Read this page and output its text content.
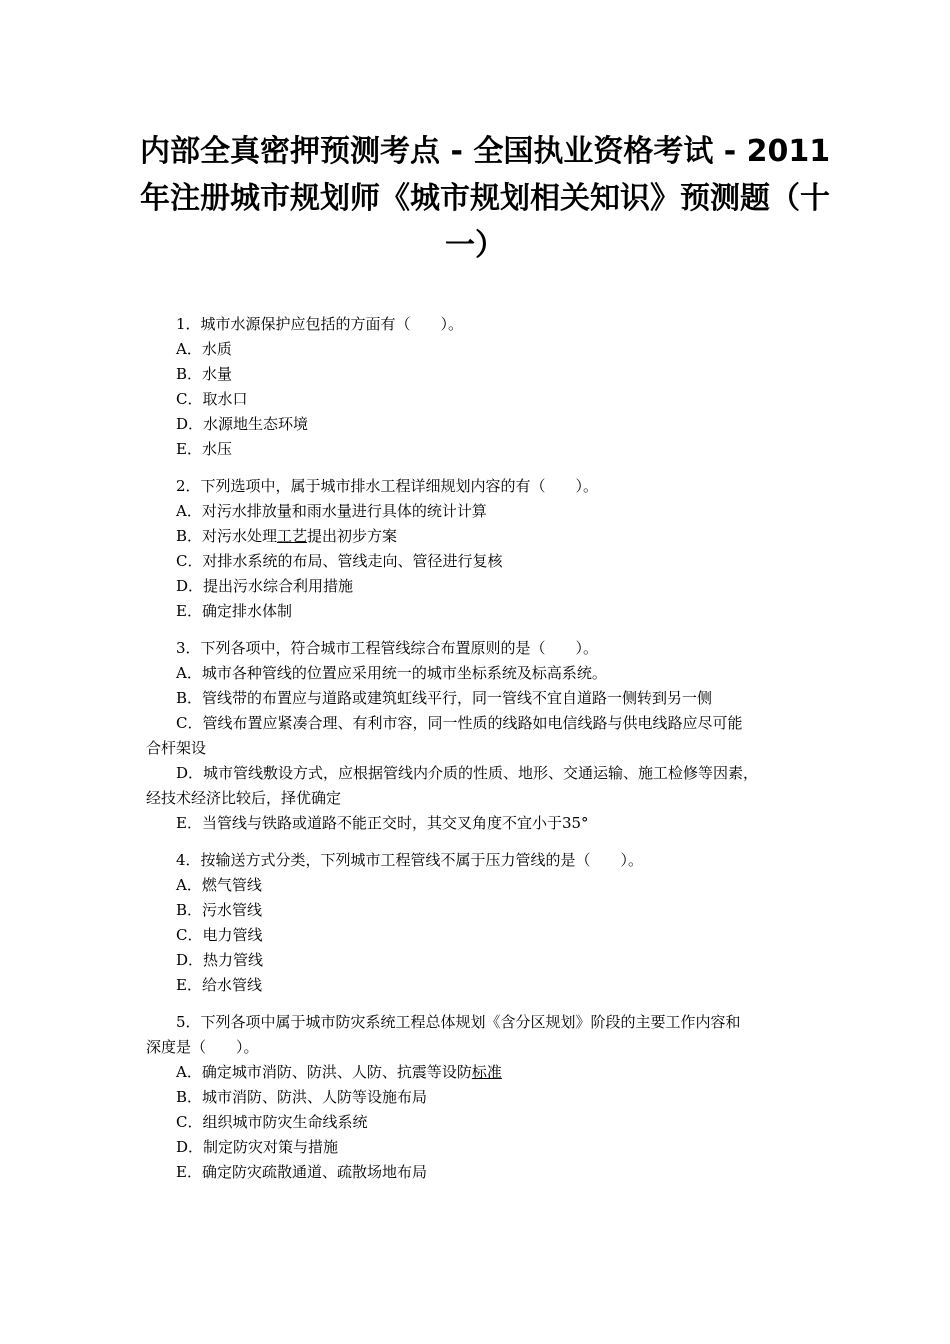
内部全真密押预测考点 - 全国执业资格考试 - 2011
年注册城市规划师《城市规划相关知识》预测题（十
一）
1．城市水源保护应包括的方面有（　　）。
A．水质
B．水量
C．取水口
D．水源地生态环境
E．水压
2．下列选项中，属于城市排水工程详细规划内容的有（　　）。
A．对污水排放量和雨水量进行具体的统计计算
B．对污水处理工艺提出初步方案
C．对排水系统的布局、管线走向、管径进行复核
D．提出污水综合利用措施
E．确定排水体制
3．下列各项中，符合城市工程管线综合布置原则的是（　　）。
A．城市各种管线的位置应采用统一的城市坐标系统及标高系统。
B．管线带的布置应与道路或建筑虹线平行，同一管线不宜自道路一侧转到另一侧
C．管线布置应紧凑合理、有利市容，同一性质的线路如电信线路与供电线路应尽可能
合杆架设
D．城市管线敷设方式，应根据管线内介质的性质、地形、交通运输、施工检修等因素，
经技术经济比较后，择优确定
E．当管线与铁路或道路不能正交时，其交叉角度不宜小于35°
4．按输送方式分类，下列城市工程管线不属于压力管线的是（　　）。
A．燃气管线
B．污水管线
C．电力管线
D．热力管线
E．给水管线
5．下列各项中属于城市防灾系统工程总体规划《含分区规划》阶段的主要工作内容和
深度是（　　）。
A．确定城市消防、防洪、人防、抗震等设防标准
B．城市消防、防洪、人防等设施布局
C．组织城市防灾生命线系统
D．制定防灾对策与措施
E．确定防灾疏散通道、疏散场地布局
